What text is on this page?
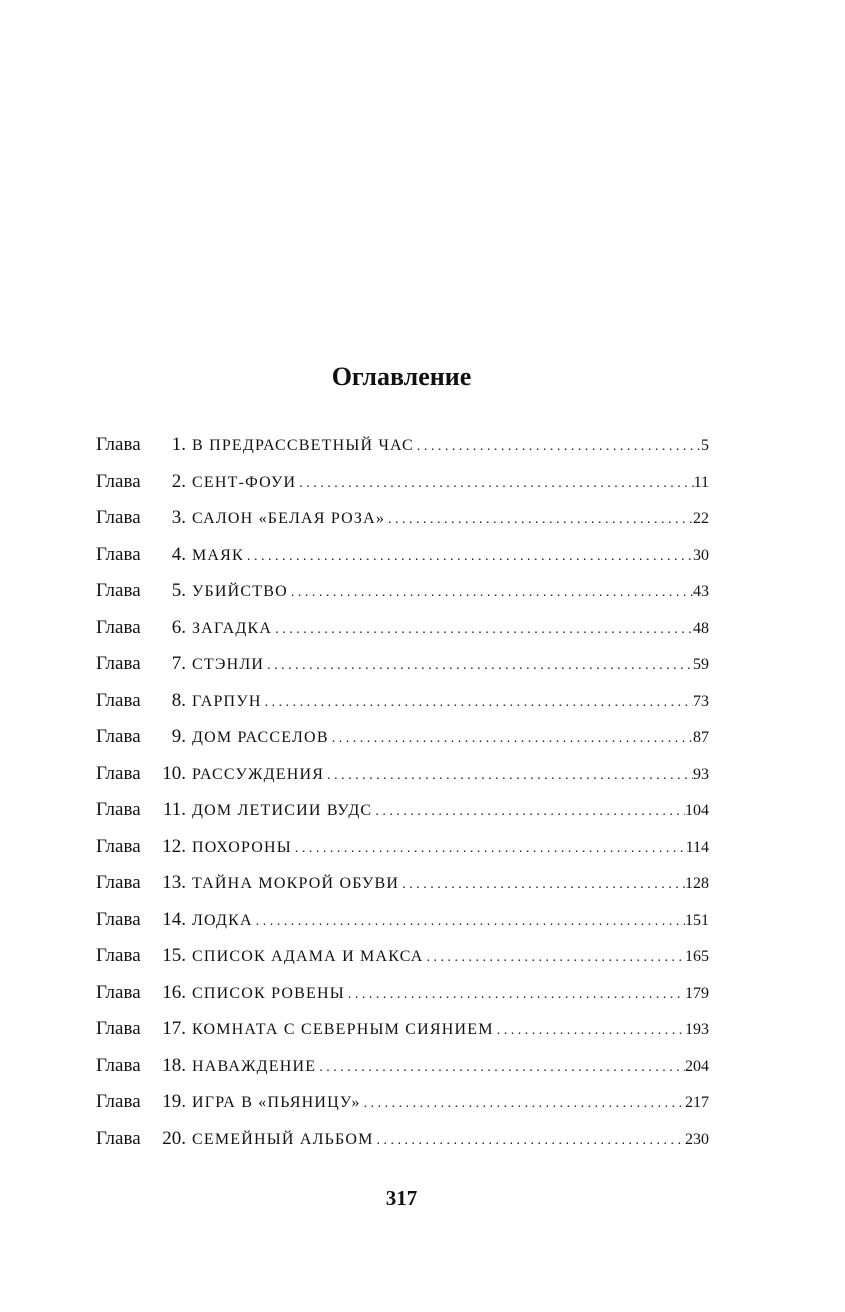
Оглавление
Глава	1. В ПРЕДРАССВЕТНЫЙ ЧАС . . .	5
Глава	2. СЕНТ-ФОУИ . . .	11
Глава	3. САЛОН «БЕЛАЯ РОЗА» . . .	22
Глава	4. МАЯК . . .	30
Глава	5. УБИЙСТВО . . .	43
Глава	6. ЗАГАДКА . . .	48
Глава	7. СТЭНЛИ . . .	59
Глава	8. ГАРПУН . . .	73
Глава	9. ДОМ РАССЕЛОВ . . .	87
Глава	10. РАССУЖДЕНИЯ . . .	93
Глава	11. ДОМ ЛЕТИСИИ ВУДС . . .	104
Глава	12. ПОХОРОНЫ . . .	114
Глава	13. ТАЙНА МОКРОЙ ОБУВИ . . .	128
Глава	14. ЛОДКА . . .	151
Глава	15. СПИСОК АДАМА И МАКСА . . .	165
Глава	16. СПИСОК РОВЕНЫ . . .	179
Глава	17. КОМНАТА С СЕВЕРНЫМ СИЯНИЕМ . . .	193
Глава	18. НАВАЖДЕНИЕ . . .	204
Глава	19. ИГРА В «ПЬЯНИЦУ» . . .	217
Глава	20. СЕМЕЙНЫЙ АЛЬБОМ . . .	230
317
